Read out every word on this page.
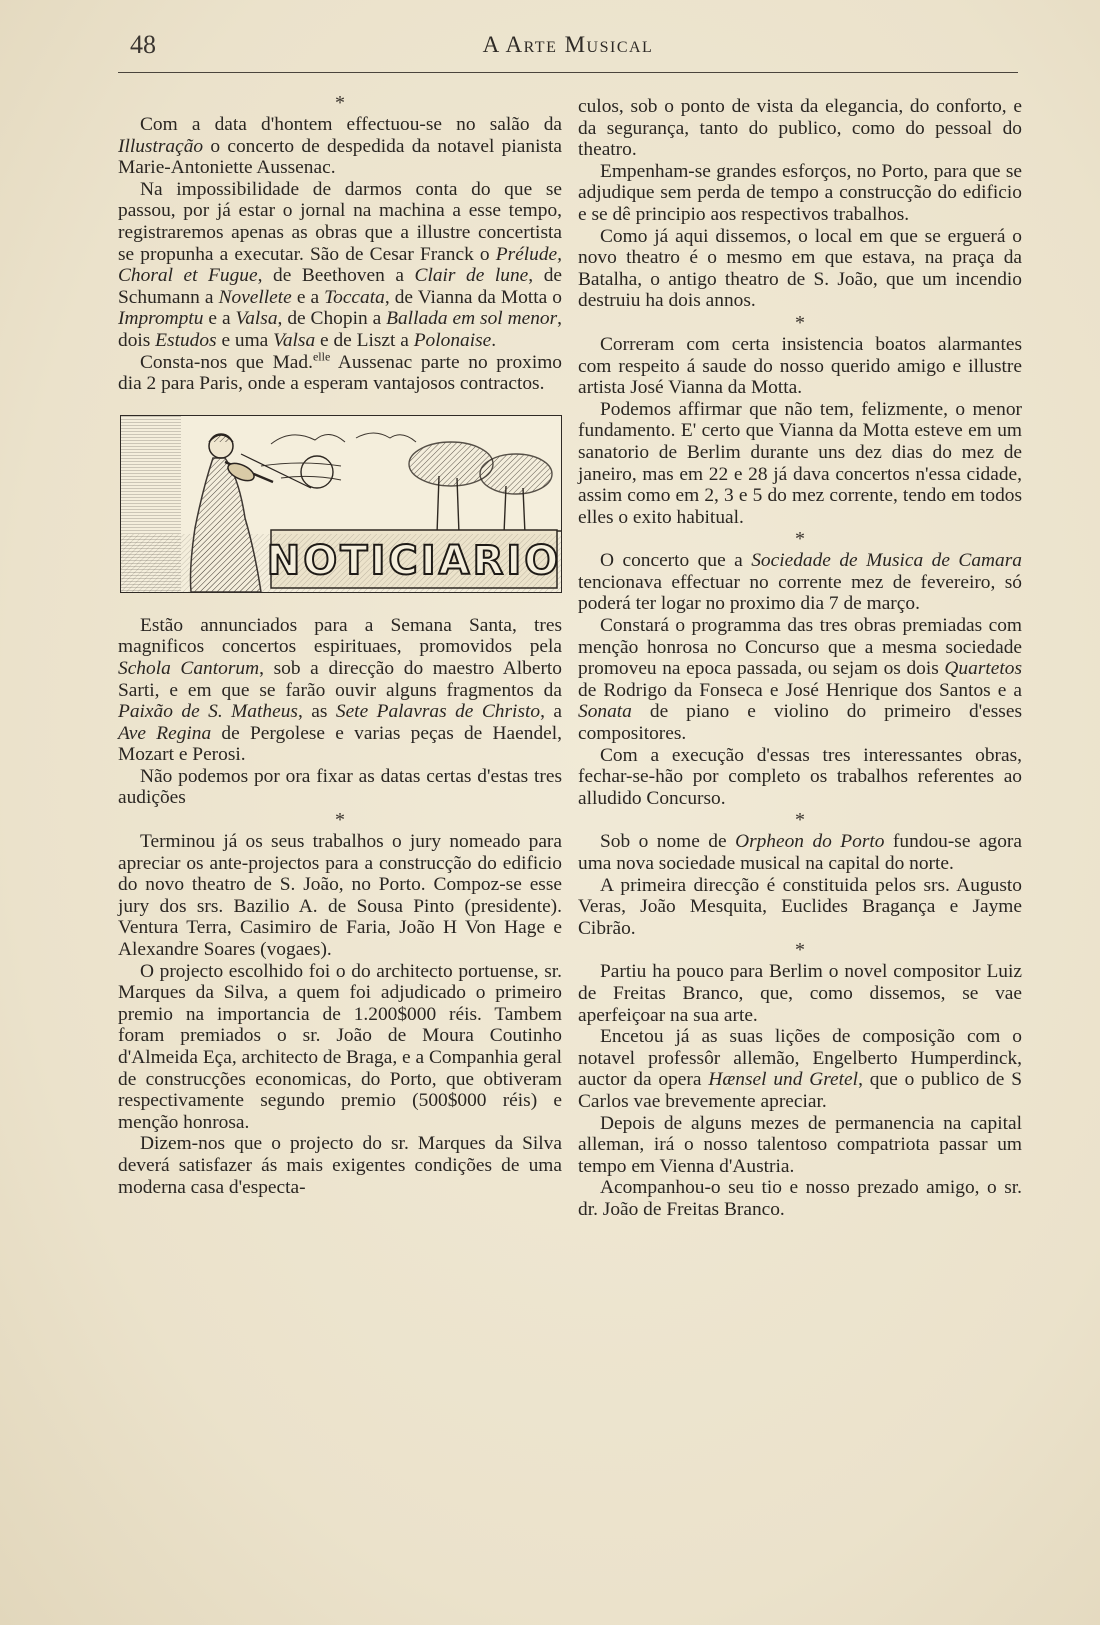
48	A Arte Musical
*

Com a data d'hontem effectuou-se no salão da Illustração o concerto de despedida da notavel pianista Marie-Antoniette Aussenac.

Na impossibilidade de darmos conta do que se passou, por já estar o jornal na machina a esse tempo, registraremos apenas as obras que a illustre concertista se propunha a executar. São de Cesar Franck o Prélude, Choral et Fugue, de Beethoven a Clair de lune, de Schumann a Novellete e a Toccata, de Vianna da Motta o Impromptu e a Valsa, de Chopin a Ballada em sol menor, dois Estudos e uma Valsa e de Liszt a Polonaise.

Consta-nos que Mad.$^{elle}$ Aussenac parte no proximo dia 2 para Paris, onde a esperam vantajosos contractos.

NOTICIARIO

Estão annunciados para a Semana Santa, tres magnificos concertos espirituaes, promovidos pela Schola Cantorum, sob a direcção do maestro Alberto Sarti, e em que se farão ouvir alguns fragmentos da Paixão de S. Matheus, as Sete Palavras de Christo, a Ave Regina de Pergolese e varias peças de Haendel, Mozart e Perosi.

Não podemos por ora fixar as datas certas d'estas tres audições

*

Terminou já os seus trabalhos o jury nomeado para apreciar os ante-projectos para a construcção do edificio do novo theatro de S. João, no Porto. Compoz-se esse jury dos srs. Bazilio A. de Sousa Pinto (presidente). Ventura Terra, Casimiro de Faria, João H Von Hage e Alexandre Soares (vogaes).

O projecto escolhido foi o do architecto portuense, sr. Marques da Silva, a quem foi adjudicado o primeiro premio na importancia de 1.200$000 réis. Tambem foram premiados o sr. João de Moura Coutinho d'Almeida Eça, architecto de Braga, e a Companhia geral de construcções economicas, do Porto, que obtiveram respectivamente segundo premio (500$000 réis) e menção honrosa.

Dizem-nos que o projecto do sr. Marques da Silva deverá satisfazer ás mais exigentes condições de uma moderna casa d'especta-

culos, sob o ponto de vista da elegancia, do conforto, e da segurança, tanto do publico, como do pessoal do theatro.

Empenham-se grandes esforços, no Porto, para que se adjudique sem perda de tempo a construcção do edificio e se dê principio aos respectivos trabalhos.

Como já aqui dissemos, o local em que se erguerá o novo theatro é o mesmo em que estava, na praça da Batalha, o antigo theatro de S. João, que um incendio destruiu ha dois annos.

*

Correram com certa insistencia boatos alarmantes com respeito á saude do nosso querido amigo e illustre artista José Vianna da Motta.

Podemos affirmar que não tem, felizmente, o menor fundamento. E' certo que Vianna da Motta esteve em um sanatorio de Berlim durante uns dez dias do mez de janeiro, mas em 22 e 28 já dava concertos n'essa cidade, assim como em 2, 3 e 5 do mez corrente, tendo em todos elles o exito habitual.

*

O concerto que a Sociedade de Musica de Camara tencionava effectuar no corrente mez de fevereiro, só poderá ter logar no proximo dia 7 de março.

Constará o programma das tres obras premiadas com menção honrosa no Concurso que a mesma sociedade promoveu na epoca passada, ou sejam os dois Quartetos de Rodrigo da Fonseca e José Henrique dos Santos e a Sonata de piano e violino do primeiro d'esses compositores.

Com a execução d'essas tres interessantes obras, fechar-se-hão por completo os trabalhos referentes ao alludido Concurso.

*

Sob o nome de Orpheon do Porto fundou-se agora uma nova sociedade musical na capital do norte.

A primeira direcção é constituida pelos srs. Augusto Veras, João Mesquita, Euclides Bragança e Jayme Cibrão.

*

Partiu ha pouco para Berlim o novel compositor Luiz de Freitas Branco, que, como dissemos, se vae aperfeiçoar na sua arte.

Encetou já as suas lições de composição com o notavel professôr allemão, Engelberto Humperdinck, auctor da opera Hænsel und Gretel, que o publico de S Carlos vae brevemente apreciar.

Depois de alguns mezes de permanencia na capital alleman, irá o nosso talentoso compatriota passar um tempo em Vienna d'Austria.

Acompanhou-o seu tio e nosso prezado amigo, o sr. dr. João de Freitas Branco.
